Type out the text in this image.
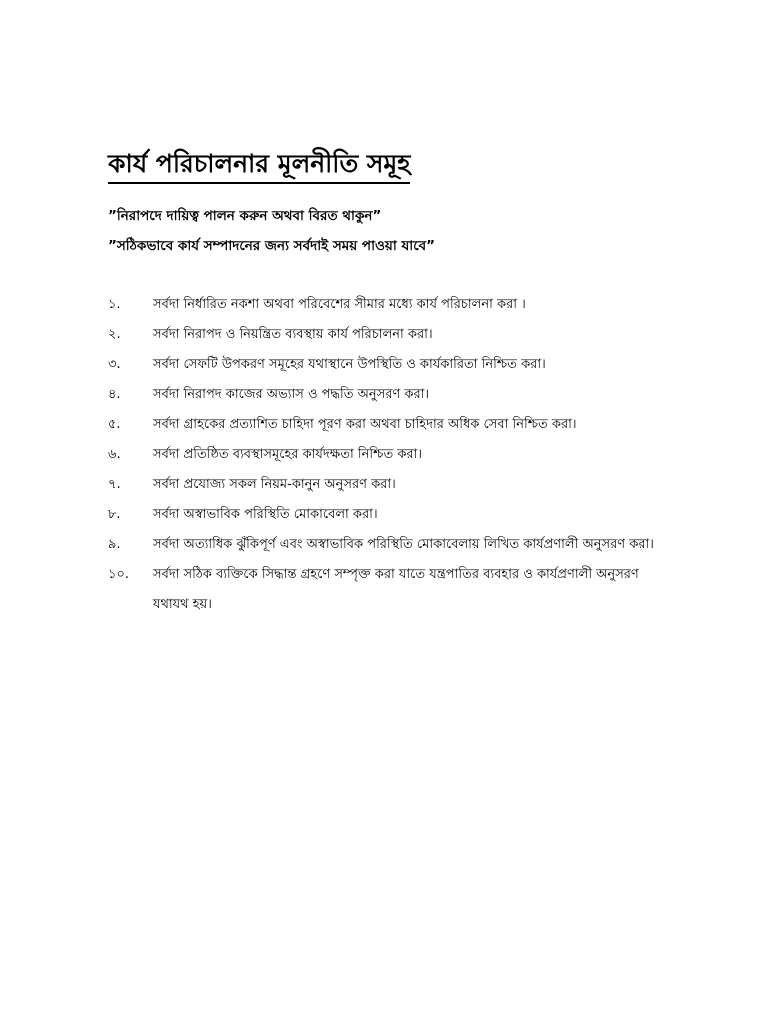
কার্য পরিচালনার মূলনীতি সমূহ
”নিরাপদে দায়িত্ব পালন করুন অথবা বিরত থাকুন”
”সঠিকভাবে কার্য সম্পাদনের জন্য সর্বদাই সময় পাওয়া যাবে”
১.	সর্বদা নির্ধারিত নকশা অথবা পরিবেশের সীমার মধ্যে কার্য পরিচালনা করা ।
২.	সর্বদা নিরাপদ ও নিয়ন্ত্রিত ব্যবস্থায় কার্য পরিচালনা করা।
৩.	সর্বদা সেফটি উপকরণ সমূহের যথাস্থানে উপস্থিতি ও কার্যকারিতা নিশ্চিত করা।
৪.	সর্বদা নিরাপদ কাজের অভ্যাস ও পদ্ধতি অনুসরণ করা।
৫.	সর্বদা গ্রাহকের প্রত্যাশিত চাহিদা পূরণ করা অথবা চাহিদার অধিক সেবা নিশ্চিত করা।
৬.	সর্বদা প্রতিষ্ঠিত ব্যবস্থাসমূহের কার্যদক্ষতা নিশ্চিত করা।
৭.	সর্বদা প্রযোজ্য সকল নিয়ম-কানুন অনুসরণ করা।
৮.	সর্বদা অস্বাভাবিক পরিস্থিতি মোকাবেলা করা।
৯.	সর্বদা অত্যাধিক ঝুঁকিপূর্ণ এবং অস্বাভাবিক পরিস্থিতি মোকাবেলায় লিখিত কার্যপ্রণালী অনুসরণ করা।
১০.	সর্বদা সঠিক ব্যক্তিকে সিদ্ধান্ত গ্রহণে সম্পৃক্ত করা যাতে যন্ত্রপাতির ব্যবহার ও কার্যপ্রণালী অনুসরণ যথাযথ হয়।
